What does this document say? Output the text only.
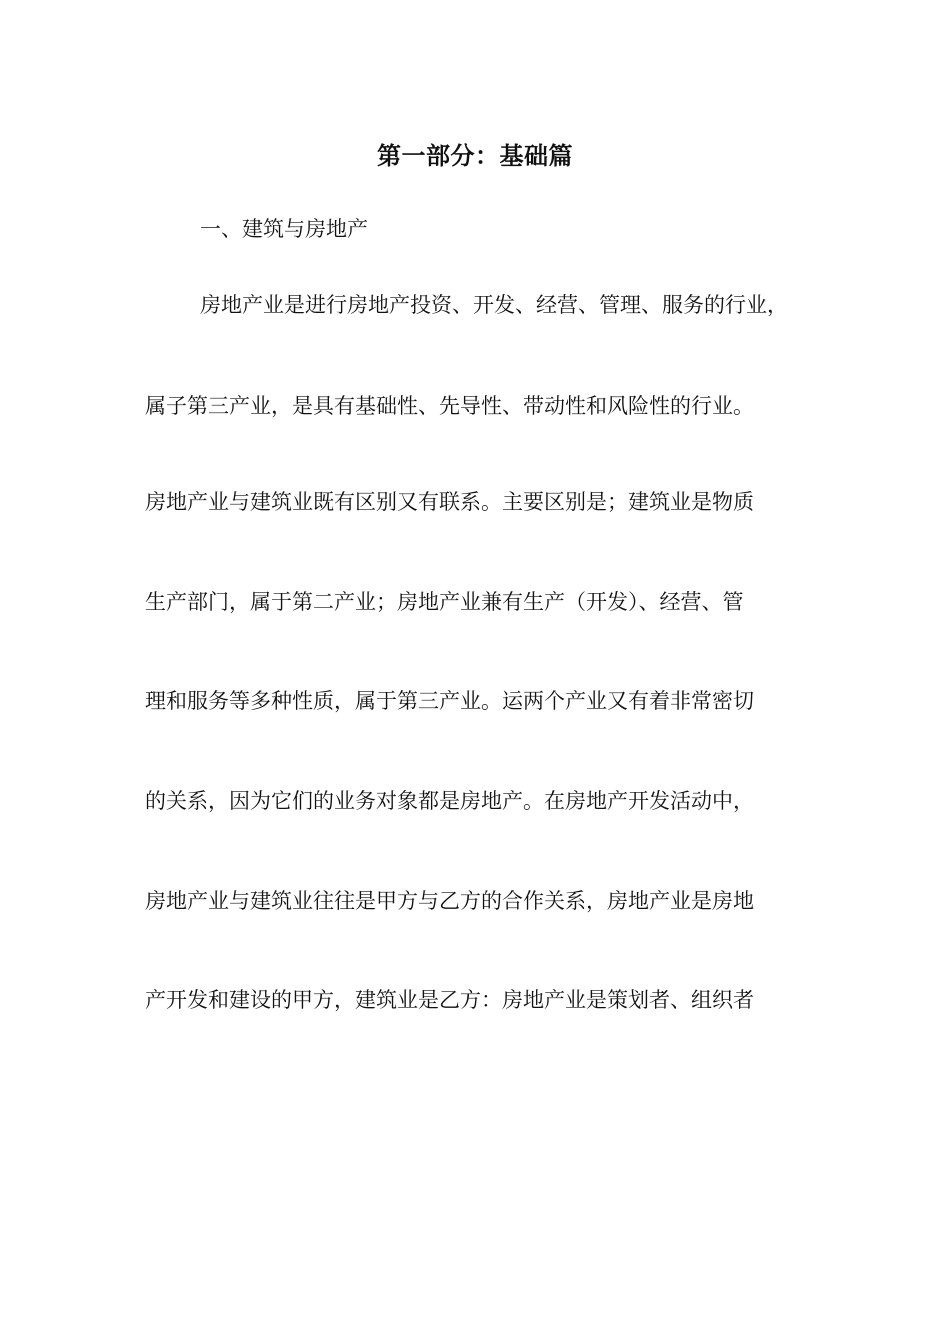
第一部分：基础篇
一、建筑与房地产
房地产业是进行房地产投资、开发、经营、管理、服务的行业，
属子第三产业，是具有基础性、先导性、带动性和风险性的行业。
房地产业与建筑业既有区别又有联系。主要区别是；建筑业是物质
生产部门，属于第二产业；房地产业兼有生产（开发）、经营、管
理和服务等多种性质，属于第三产业。运两个产业又有着非常密切
的关系，因为它们的业务对象都是房地产。在房地产开发活动中，
房地产业与建筑业往往是甲方与乙方的合作关系，房地产业是房地
产开发和建设的甲方，建筑业是乙方：房地产业是策划者、组织者
